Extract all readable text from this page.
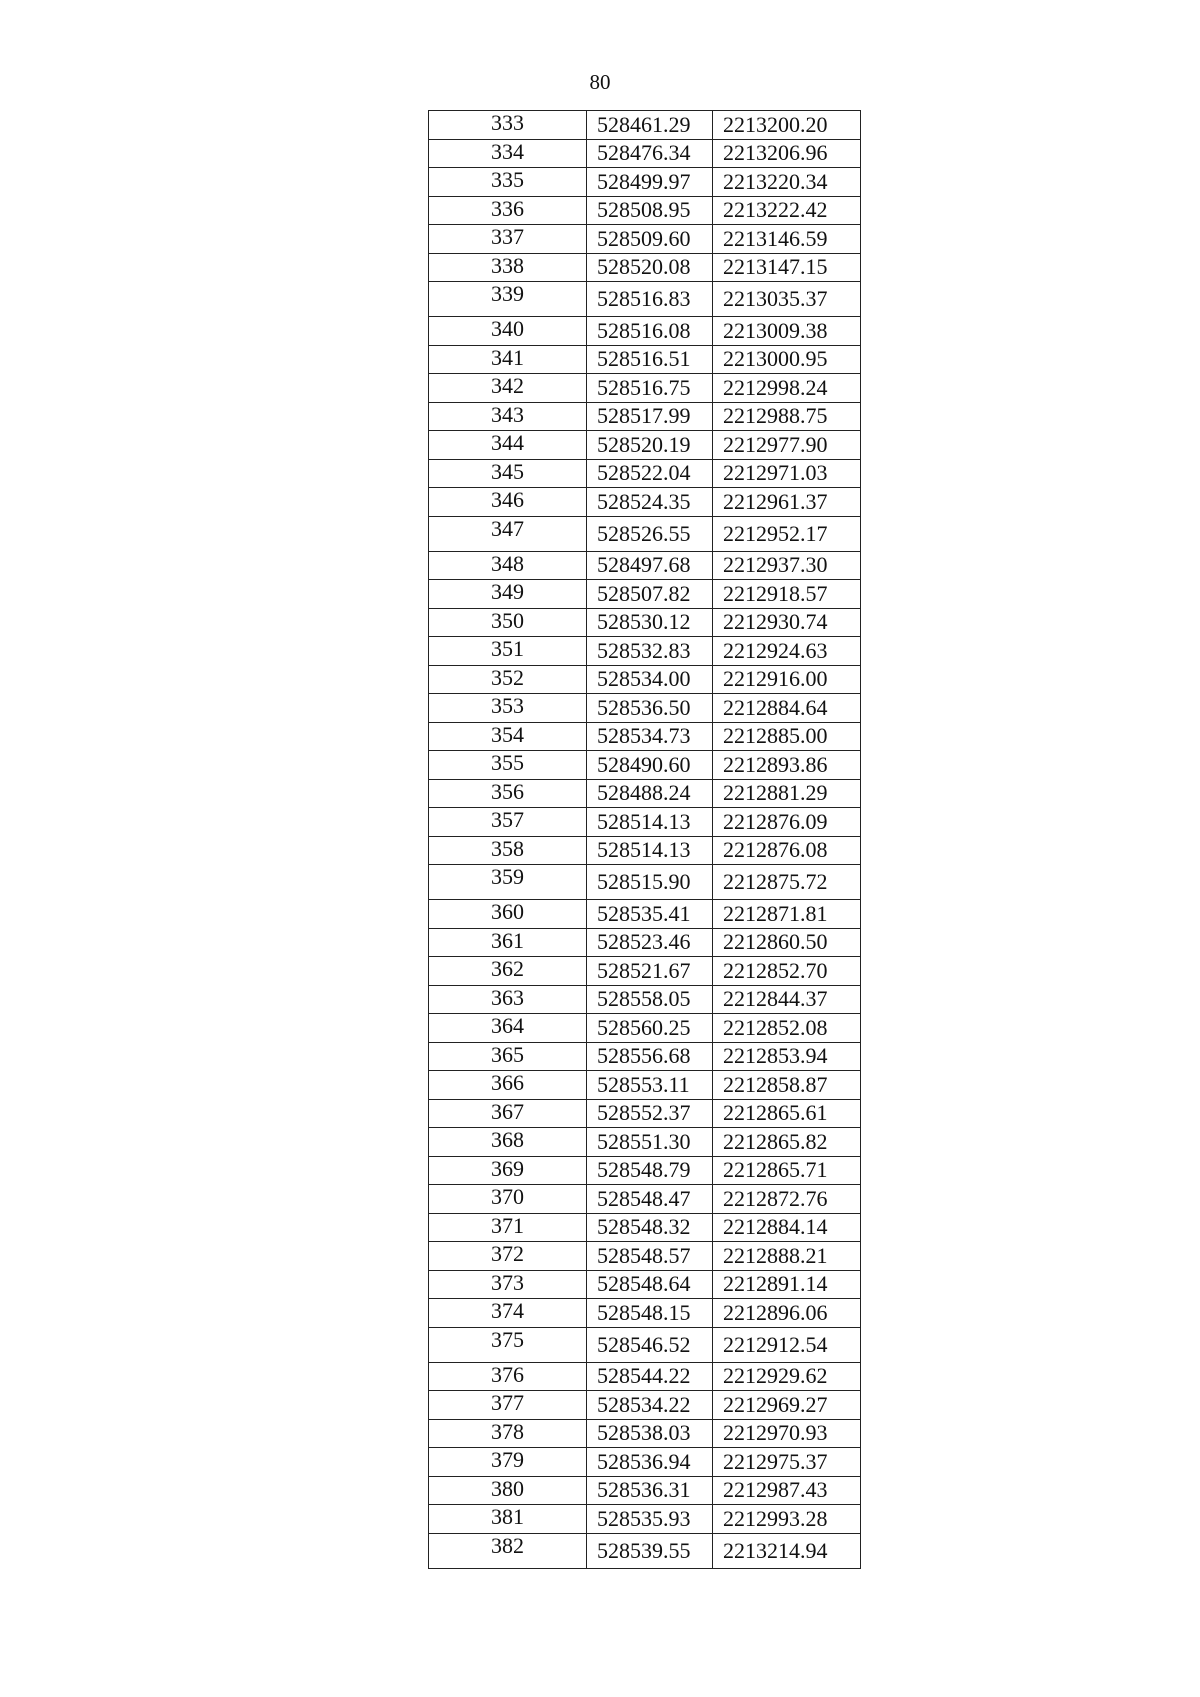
80
333	528461.29	2213200.20
334	528476.34	2213206.96
335	528499.97	2213220.34
336	528508.95	2213222.42
337	528509.60	2213146.59
338	528520.08	2213147.15
339	528516.83	2213035.37
340	528516.08	2213009.38
341	528516.51	2213000.95
342	528516.75	2212998.24
343	528517.99	2212988.75
344	528520.19	2212977.90
345	528522.04	2212971.03
346	528524.35	2212961.37
347	528526.55	2212952.17
348	528497.68	2212937.30
349	528507.82	2212918.57
350	528530.12	2212930.74
351	528532.83	2212924.63
352	528534.00	2212916.00
353	528536.50	2212884.64
354	528534.73	2212885.00
355	528490.60	2212893.86
356	528488.24	2212881.29
357	528514.13	2212876.09
358	528514.13	2212876.08
359	528515.90	2212875.72
360	528535.41	2212871.81
361	528523.46	2212860.50
362	528521.67	2212852.70
363	528558.05	2212844.37
364	528560.25	2212852.08
365	528556.68	2212853.94
366	528553.11	2212858.87
367	528552.37	2212865.61
368	528551.30	2212865.82
369	528548.79	2212865.71
370	528548.47	2212872.76
371	528548.32	2212884.14
372	528548.57	2212888.21
373	528548.64	2212891.14
374	528548.15	2212896.06
375	528546.52	2212912.54
376	528544.22	2212929.62
377	528534.22	2212969.27
378	528538.03	2212970.93
379	528536.94	2212975.37
380	528536.31	2212987.43
381	528535.93	2212993.28
382	528539.55	2213214.94
